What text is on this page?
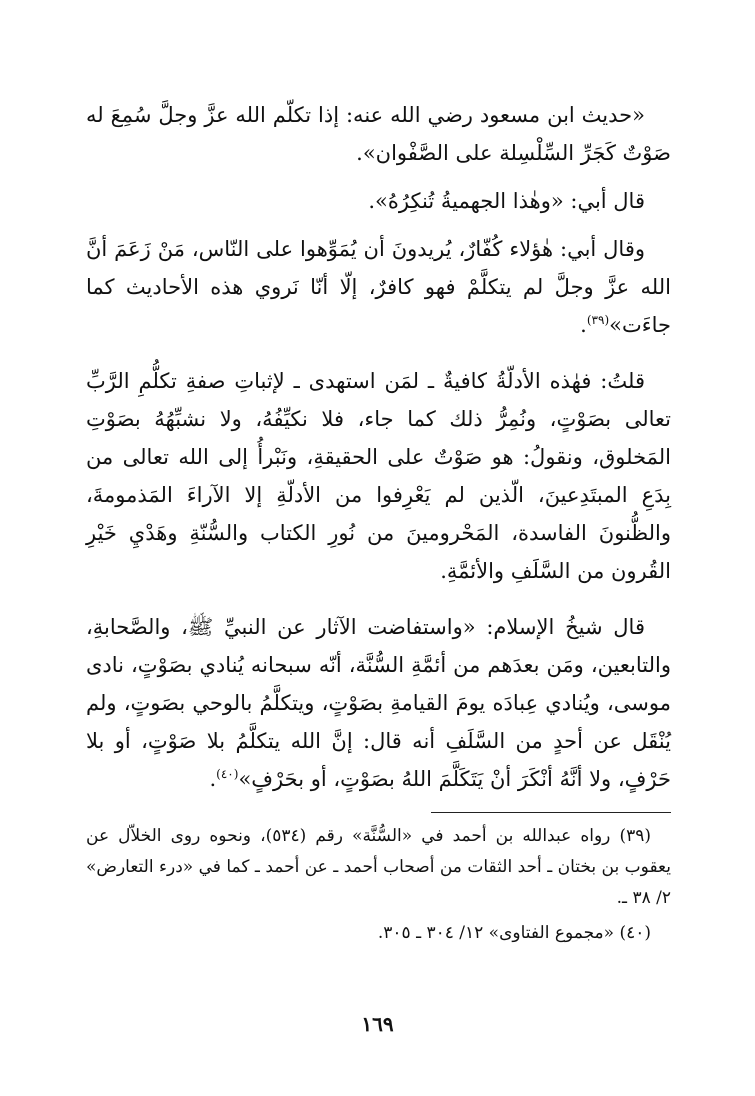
«حديث ابن مسعود رضي الله عنه: إذا تكلّم الله عزَّ وجلَّ سُمِعَ له صَوْتٌ كَجَرِّ السِّلْسِلة على الصَّفْوان».

قال أبي: «وهٰذا الجهميةُ تُنكِرُهُ».

وقال أبي: هٰؤلاء كُفّارٌ، يُريدونَ أن يُمَوِّهوا على النّاس، مَنْ زَعَمَ أنَّ الله عزَّ وجلَّ لم يتكلَّمْ فهو كافرٌ، إلّا أنّا نَروي هذه الأحاديث كما جاءَت»$^{(٣٩)}$.

قلتُ: فهٰذه الأدلّةُ كافيةٌ ـ لمَن استهدى ـ لإثباتِ صفةِ تكلُّمِ الرَّبِّ تعالى بصَوْتٍ، ونُمِرُّ ذلك كما جاء، فلا نكيِّفُهُ، ولا نشبِّهُهُ بصَوْتِ المَخلوق، ونقولُ: هو صَوْتٌ على الحقيقةِ، ونَبْرأُ إلى الله تعالى من بِدَعِ المبتَدِعينَ، الّذين لم يَعْرِفوا من الأدلّةِ إلا الآراءَ المَذمومةَ، والظُّنونَ الفاسدة، المَحْرومينَ من نُورِ الكتاب والسُّنّةِ وهَدْيِ خَيْرِ القُرون من السَّلَفِ والأئمَّةِ.

قال شيخُ الإسلام: «واستفاضت الآثار عن النبيِّ ﷺ، والصَّحابةِ، والتابعين، ومَن بعدَهم من أئمَّةِ السُّنَّة، أنّه سبحانه يُنادي بصَوْتٍ، نادى موسى، ويُنادي عِبادَه يومَ القيامةِ بصَوْتٍ، ويتكلَّمُ بالوحي بصَوتٍ، ولم يُنْقَل عن أحدٍ من السَّلَفِ أنه قال: إنَّ الله يتكلَّمُ بلا صَوْتٍ، أو بلا حَرْفٍ، ولا أنَّهُ أنْكَرَ أنْ يَتَكَلَّمَ اللهُ بصَوْتٍ، أو بحَرْفٍ»$^{(٤٠)}$.

(٣٩) رواه عبدالله بن أحمد في «السُّنَّة» رقم (٥٣٤)، ونحوه روى الخلاّل عن يعقوب بن بختان ـ أحد الثقات من أصحاب أحمد ـ عن أحمد ـ كما في «درء التعارض» ٢/ ٣٨ ـ.

(٤٠) «مجموع الفتاوى» ١٢/ ٣٠٤ ـ ٣٠٥.

١٦٩
